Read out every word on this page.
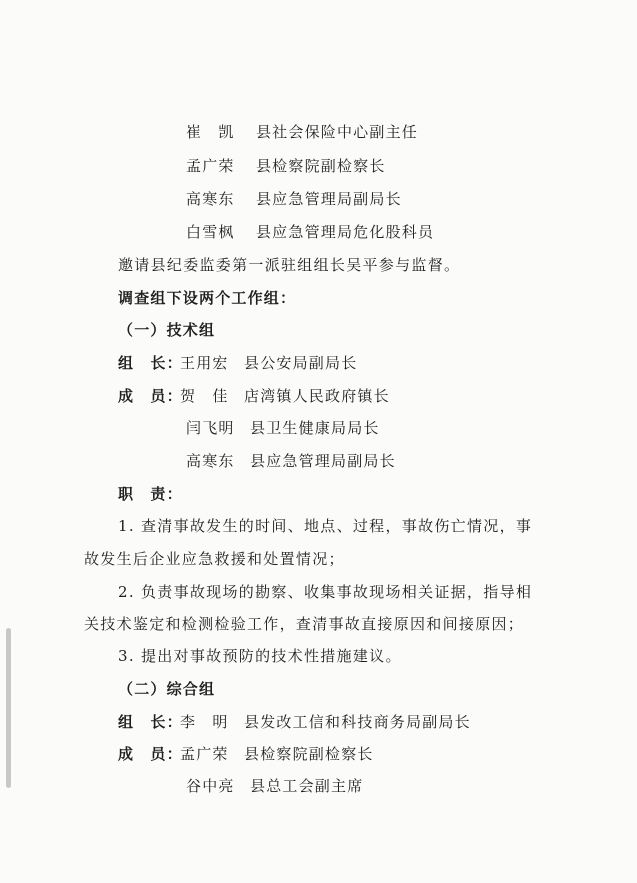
崔　凯 县社会保险中心副主任
孟广荣 县检察院副检察长
高寒东 县应急管理局副局长
白雪枫 县应急管理局危化股科员
邀请县纪委监委第一派驻组组长吴平参与监督。
调查组下设两个工作组：
（一）技术组
组　长：王用宏 县公安局副局长
成　员：贺　佳 店湾镇人民政府镇长
闫飞明 县卫生健康局局长
高寒东 县应急管理局副局长
职　责：
1. 查清事故发生的时间、地点、过程，事故伤亡情况，事
故发生后企业应急救援和处置情况；
2. 负责事故现场的勘察、收集事故现场相关证据，指导相
关技术鉴定和检测检验工作，查清事故直接原因和间接原因；
3. 提出对事故预防的技术性措施建议。
（二）综合组
组　长：李　明 县发改工信和科技商务局副局长
成　员：孟广荣 县检察院副检察长
谷中亮 县总工会副主席
